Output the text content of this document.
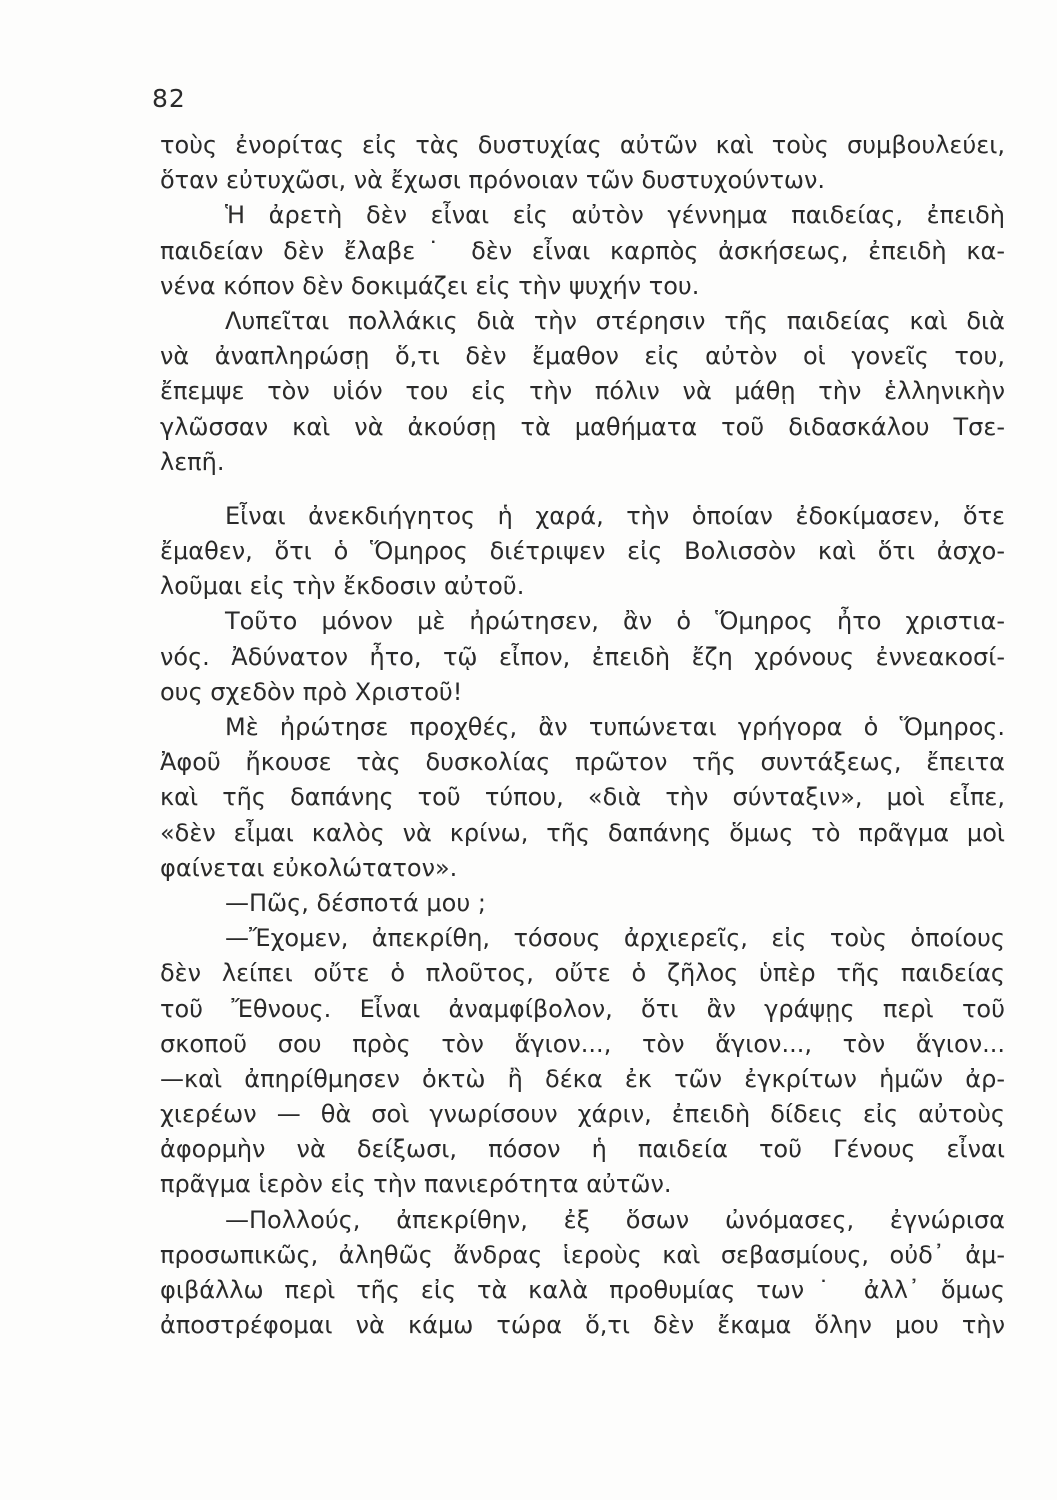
82
τοὺς ἐνορίτας εἰς τὰς δυστυχίας αὐτῶν καὶ τοὺς συμβουλεύει,
ὅταν εὐτυχῶσι, νὰ ἔχωσι πρόνοιαν τῶν δυστυχούντων.
Ἡ ἀρετὴ δὲν εἶναι εἰς αὐτὸν γέννημα παιδείας, ἐπειδὴ
παιδείαν δὲν ἔλαβε˙ δὲν εἶναι καρπὸς ἀσκήσεως, ἐπειδὴ κα-
νένα κόπον δὲν δοκιμάζει εἰς τὴν ψυχήν του.
Λυπεῖται πολλάκις διὰ τὴν στέρησιν τῆς παιδείας καὶ διὰ
νὰ ἀναπληρώσῃ ὅ,τι δὲν ἔμαθον εἰς αὐτὸν οἱ γονεῖς του,
ἔπεμψε τὸν υἱόν του εἰς τὴν πόλιν νὰ μάθῃ τὴν ἑλληνικὴν
γλῶσσαν καὶ νὰ ἀκούσῃ τὰ μαθήματα τοῦ διδασκάλου Τσε-
λεπῆ.
Εἶναι ἀνεκδιήγητος ἡ χαρά, τὴν ὁποίαν ἐδοκίμασεν, ὅτε
ἔμαθεν, ὅτι ὁ Ὅμηρος διέτριψεν εἰς Βολισσὸν καὶ ὅτι ἀσχο-
λοῦμαι εἰς τὴν ἔκδοσιν αὐτοῦ.
Τοῦτο μόνον μὲ ἠρώτησεν, ἂν ὁ Ὅμηρος ἦτο χριστια-
νός. Ἀδύνατον ἦτο, τῷ εἶπον, ἐπειδὴ ἔζη χρόνους ἐννεακοσί-
ους σχεδὸν πρὸ Χριστοῦ!
Μὲ ἠρώτησε προχθές, ἂν τυπώνεται γρήγορα ὁ Ὅμηρος.
Ἀφοῦ ἤκουσε τὰς δυσκολίας πρῶτον τῆς συντάξεως, ἔπειτα
καὶ τῆς δαπάνης τοῦ τύπου, «διὰ τὴν σύνταξιν», μοὶ εἶπε,
«δὲν εἶμαι καλὸς νὰ κρίνω, τῆς δαπάνης ὅμως τὸ πρᾶγμα μοὶ
φαίνεται εὐκολώτατον».
—Πῶς, δέσποτά μου ;
—Ἔχομεν, ἀπεκρίθη, τόσους ἀρχιερεῖς, εἰς τοὺς ὁποίους
δὲν λείπει οὔτε ὁ πλοῦτος, οὔτε ὁ ζῆλος ὑπὲρ τῆς παιδείας
τοῦ Ἔθνους. Εἶναι ἀναμφίβολον, ὅτι ἂν γράψῃς περὶ τοῦ
σκοποῦ σου πρὸς τὸν ἅγιον..., τὸν ἅγιον..., τὸν ἅγιον...
—καὶ ἀπηρίθμησεν ὀκτὼ ἢ δέκα ἐκ τῶν ἐγκρίτων ἡμῶν ἀρ-
χιερέων — θὰ σοὶ γνωρίσουν χάριν, ἐπειδὴ δίδεις εἰς αὐτοὺς
ἀφορμὴν νὰ δείξωσι, πόσον ἡ παιδεία τοῦ Γένους εἶναι
πρᾶγμα ἱερὸν εἰς τὴν πανιερότητα αὐτῶν.
—Πολλούς, ἀπεκρίθην, ἐξ ὅσων ὠνόμασες, ἐγνώρισα
προσωπικῶς, ἀληθῶς ἄνδρας ἱεροὺς καὶ σεβασμίους, οὐδ᾽ ἀμ-
φιβάλλω περὶ τῆς εἰς τὰ καλὰ προθυμίας των˙ ἀλλ᾽ ὅμως
ἀποστρέφομαι νὰ κάμω τώρα ὅ,τι δὲν ἔκαμα ὅλην μου τὴν
